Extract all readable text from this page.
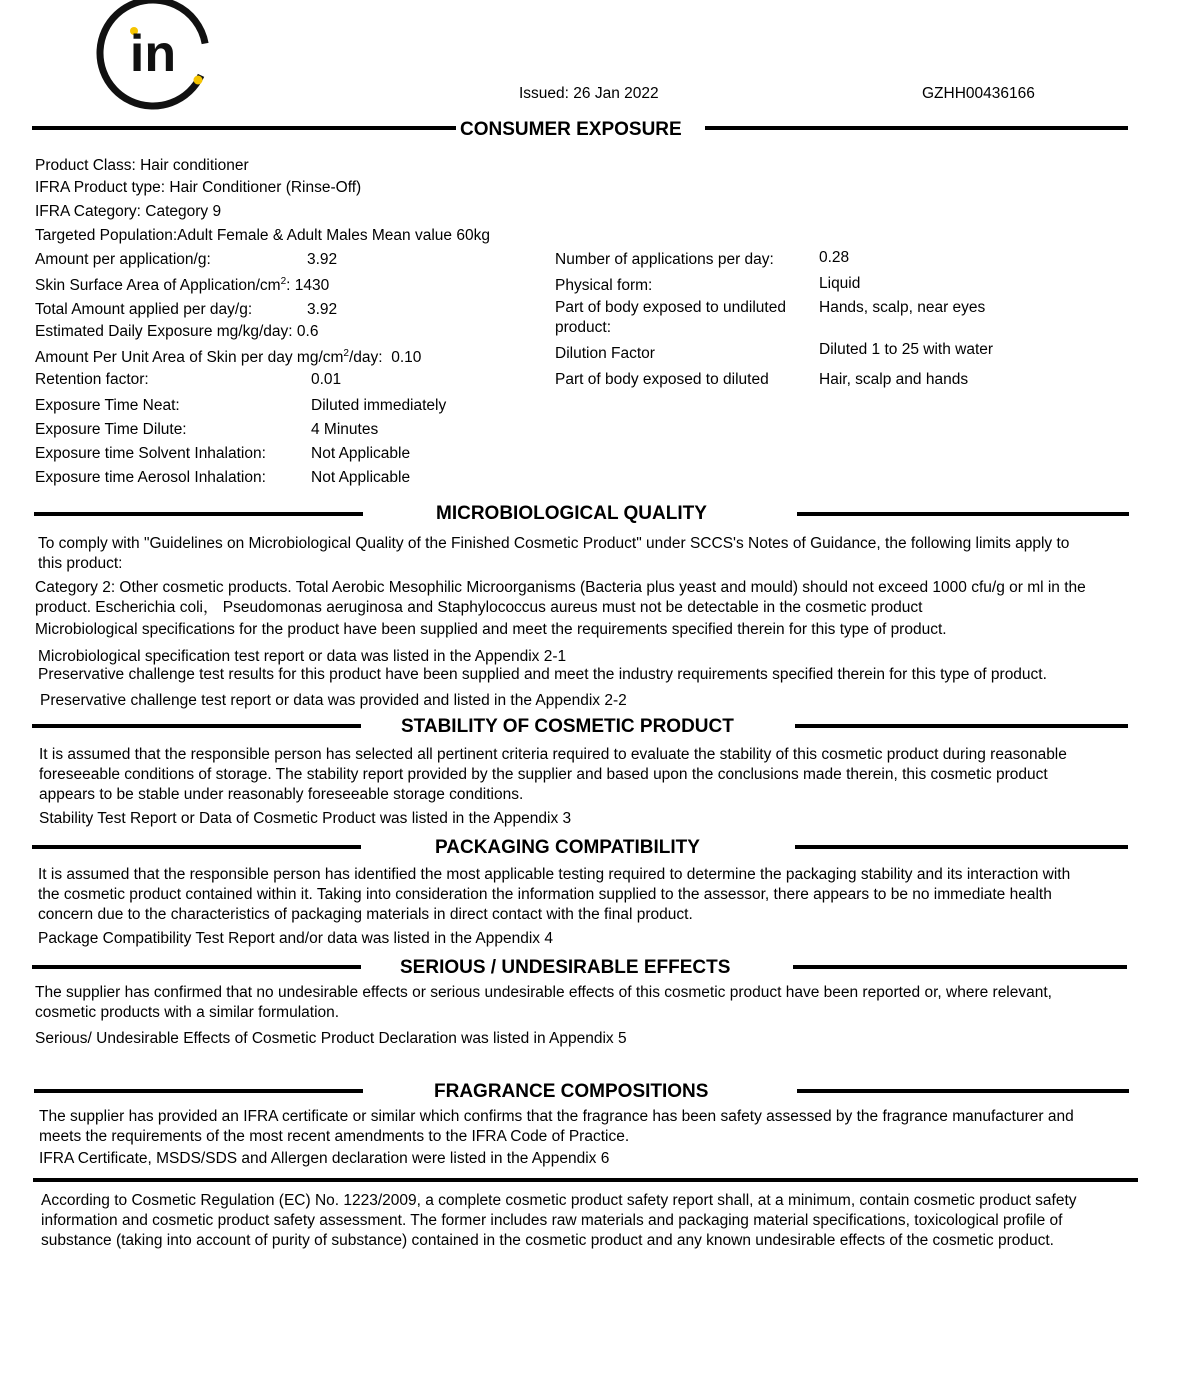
in
Issued: 26 Jan 2022	GZHH00436166
CONSUMER EXPOSURE
Product Class: Hair conditioner
IFRA Product type: Hair Conditioner (Rinse-Off)
IFRA Category: Category 9
Targeted Population:Adult Female & Adult Males Mean value 60kg
Amount per application/g:	3.92
Skin Surface Area of Application/$cm^2$: 1430
Total Amount applied per day/g:	3.92
Estimated Daily Exposure mg/kg/day: 0.6
Amount Per Unit Area of Skin per day $mg/cm^2$/day: 0.10
Retention factor:	0.01
Exposure Time Neat:	Diluted immediately
Exposure Time Dilute:	4 Minutes
Exposure time Solvent Inhalation:	Not Applicable
Exposure time Aerosol Inhalation:	Not Applicable
Number of applications per day:	0.28
Physical form:	Liquid
Part of body exposed to undiluted
product:
Hands, scalp, near eyes
Dilution Factor	Diluted 1 to 25 with water
Part of body exposed to diluted	Hair, scalp and hands
MICROBIOLOGICAL QUALITY
To comply with "Guidelines on Microbiological Quality of the Finished Cosmetic Product" under SCCS's Notes of Guidance, the following limits apply to
this product:
Category 2: Other cosmetic products. Total Aerobic Mesophilic Microorganisms (Bacteria plus yeast and mould) should not exceed 1000 cfu/g or ml in the
product. Escherichia coli， Pseudomonas aeruginosa and Staphylococcus aureus must not be detectable in the cosmetic product
Microbiological specifications for the product have been supplied and meet the requirements specified therein for this type of product.
Microbiological specification test report or data was listed in the Appendix 2-1
Preservative challenge test results for this product have been supplied and meet the industry requirements specified therein for this type of product.
Preservative challenge test report or data was provided and listed in the Appendix 2-2
STABILITY OF COSMETIC PRODUCT
It is assumed that the responsible person has selected all pertinent criteria required to evaluate the stability of this cosmetic product during reasonable
foreseeable conditions of storage. The stability report provided by the supplier and based upon the conclusions made therein, this cosmetic product
appears to be stable under reasonably foreseeable storage conditions.
Stability Test Report or Data of Cosmetic Product was listed in the Appendix 3
PACKAGING COMPATIBILITY
It is assumed that the responsible person has identified the most applicable testing required to determine the packaging stability and its interaction with
the cosmetic product contained within it. Taking into consideration the information supplied to the assessor, there appears to be no immediate health
concern due to the characteristics of packaging materials in direct contact with the final product.
Package Compatibility Test Report and/or data was listed in the Appendix 4
SERIOUS / UNDESIRABLE EFFECTS
The supplier has confirmed that no undesirable effects or serious undesirable effects of this cosmetic product have been reported or, where relevant,
cosmetic products with a similar formulation.
Serious/ Undesirable Effects of Cosmetic Product Declaration was listed in Appendix 5
FRAGRANCE COMPOSITIONS
The supplier has provided an IFRA certificate or similar which confirms that the fragrance has been safety assessed by the fragrance manufacturer and
meets the requirements of the most recent amendments to the IFRA Code of Practice.
IFRA Certificate, MSDS/SDS and Allergen declaration were listed in the Appendix 6
According to Cosmetic Regulation (EC) No. 1223/2009, a complete cosmetic product safety report shall, at a minimum, contain cosmetic product safety
information and cosmetic product safety assessment. The former includes raw materials and packaging material specifications, toxicological profile of
substance (taking into account of purity of substance) contained in the cosmetic product and any known undesirable effects of the cosmetic product.
